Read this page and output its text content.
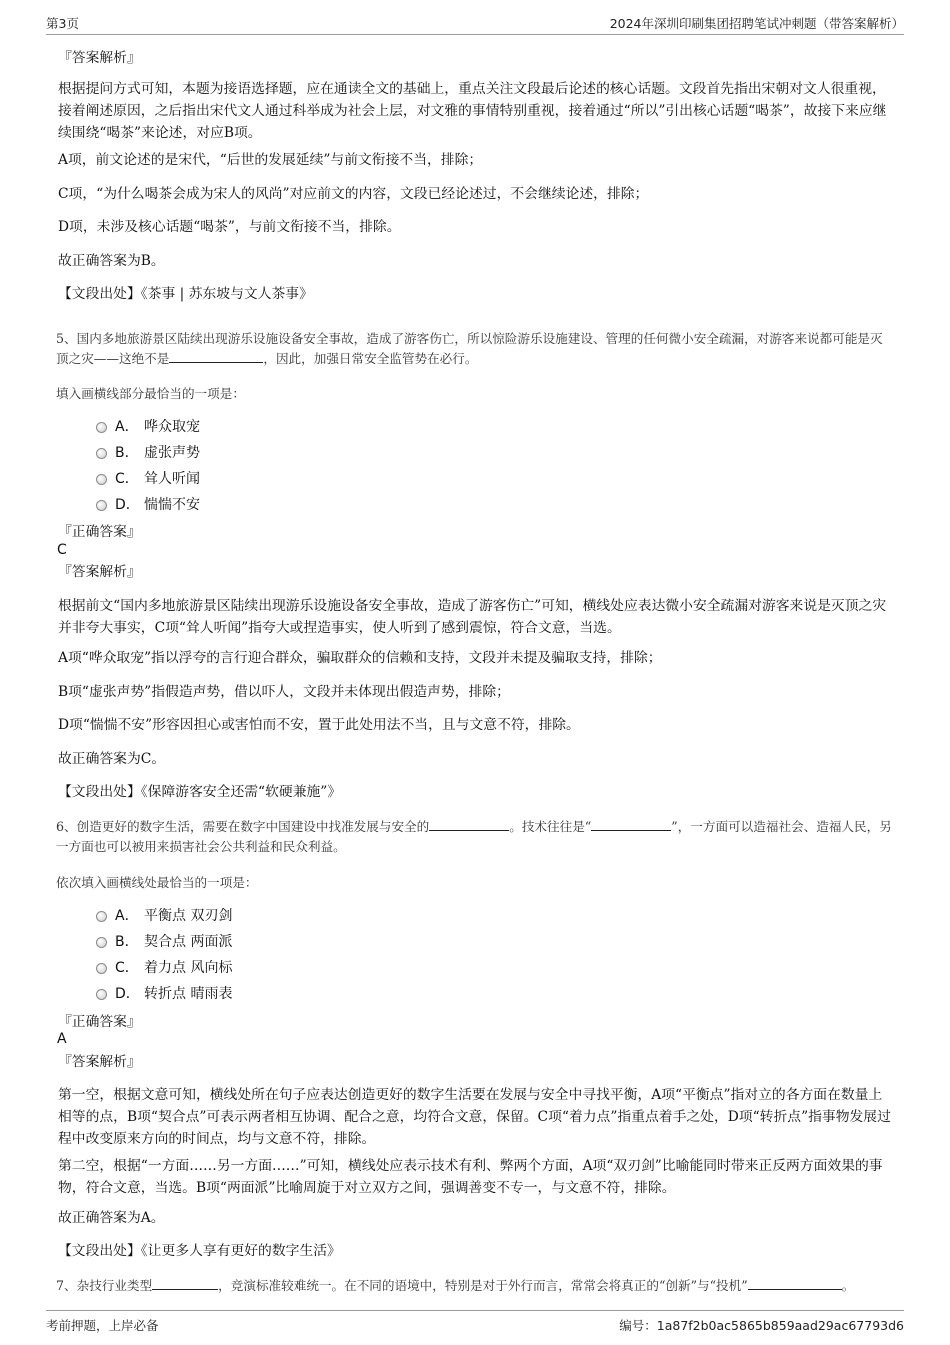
第3页	2024年深圳印刷集团招聘笔试冲刺题（带答案解析）
『答案解析』
根据提问方式可知，本题为接语选择题，应在通读全文的基础上，重点关注文段最后论述的核心话题。文段首先指出宋朝对文人很重视，接着阐述原因，之后指出宋代文人通过科举成为社会上层，对文雅的事情特别重视，接着通过“所以”引出核心话题“喝茶”，故接下来应继续围绕“喝茶”来论述，对应B项。
A项，前文论述的是宋代，“后世的发展延续”与前文衔接不当，排除；
C项，“为什么喝茶会成为宋人的风尚”对应前文的内容，文段已经论述过，不会继续论述，排除；
D项，未涉及核心话题“喝茶”，与前文衔接不当，排除。
故正确答案为B。
【文段出处】《茶事 | 苏东坡与文人茶事》
5、国内多地旅游景区陆续出现游乐设施设备安全事故，造成了游客伤亡，所以惊险游乐设施建设、管理的任何微小安全疏漏，对游客来说都可能是灭顶之灾——这绝不是	，因此，加强日常安全监管势在必行。
填入画横线部分最恰当的一项是：
A． 哗众取宠
B． 虚张声势
C． 耸人听闻
D． 惴惴不安
『正确答案』
C
『答案解析』
根据前文“国内多地旅游景区陆续出现游乐设施设备安全事故，造成了游客伤亡”可知，横线处应表达微小安全疏漏对游客来说是灭顶之灾并非夸大事实，C项“耸人听闻”指夸大或捏造事实，使人听到了感到震惊，符合文意，当选。
A项“哗众取宠”指以浮夸的言行迎合群众，骗取群众的信赖和支持，文段并未提及骗取支持，排除；
B项“虚张声势”指假造声势，借以吓人，文段并未体现出假造声势，排除；
D项“惴惴不安”形容因担心或害怕而不安，置于此处用法不当，且与文意不符，排除。
故正确答案为C。
【文段出处】《保障游客安全还需“软硬兼施”》
6、创造更好的数字生活，需要在数字中国建设中找准发展与安全的	。技术往往是“	”，一方面可以造福社会、造福人民，另一方面也可以被用来损害社会公共利益和民众利益。
依次填入画横线处最恰当的一项是：
A． 平衡点 双刃剑
B． 契合点 两面派
C． 着力点 风向标
D． 转折点 晴雨表
『正确答案』
A
『答案解析』
第一空，根据文意可知，横线处所在句子应表达创造更好的数字生活要在发展与安全中寻找平衡，A项“平衡点”指对立的各方面在数量上相等的点，B项“契合点”可表示两者相互协调、配合之意，均符合文意，保留。C项“着力点”指重点着手之处，D项“转折点”指事物发展过程中改变原来方向的时间点，均与文意不符，排除。
第二空，根据“一方面……另一方面……”可知，横线处应表示技术有利、弊两个方面，A项“双刃剑”比喻能同时带来正反两方面效果的事物，符合文意，当选。B项“两面派”比喻周旋于对立双方之间，强调善变不专一，与文意不符，排除。
故正确答案为A。
【文段出处】《让更多人享有更好的数字生活》
7、杂技行业类型	，竞演标准较难统一。在不同的语境中，特别是对于外行而言，常常会将真正的“创新”与“投机”	。
考前押题，上岸必备	编号：1a87f2b0ac5865b859aad29ac67793d6
